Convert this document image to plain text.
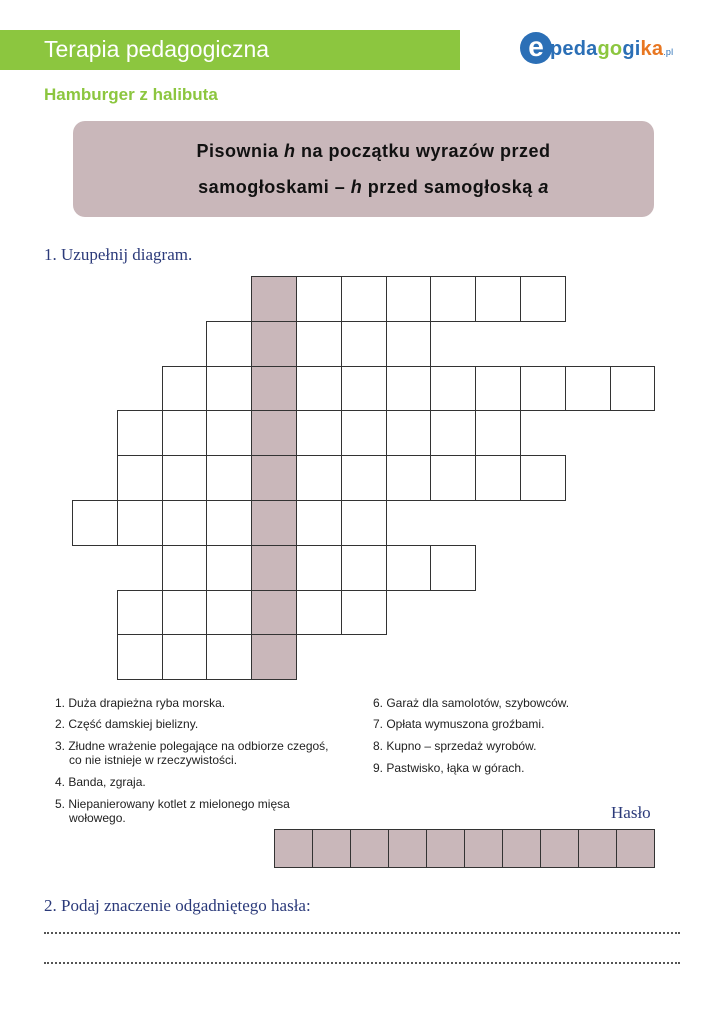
Terapia pedagogiczna	e pedagogika.pl
Hamburger z halibuta
Pisownia h na początku wyrazów przed
samogłoskami – h przed samogłoską a
1. Uzupełnij diagram.
1. Duża drapieżna ryba morska.
2. Część damskiej bielizny.
3. Złudne wrażenie polegające na odbiorze czegoś,
co nie istnieje w rzeczywistości.
4. Banda, zgraja.
5. Niepanierowany kotlet z mielonego mięsa
wołowego.
6. Garaż dla samolotów, szybowców.
7. Opłata wymuszona groźbami.
8. Kupno – sprzedaż wyrobów.
9. Pastwisko, łąka w górach.
Hasło
2. Podaj znaczenie odgadniętego hasła:
